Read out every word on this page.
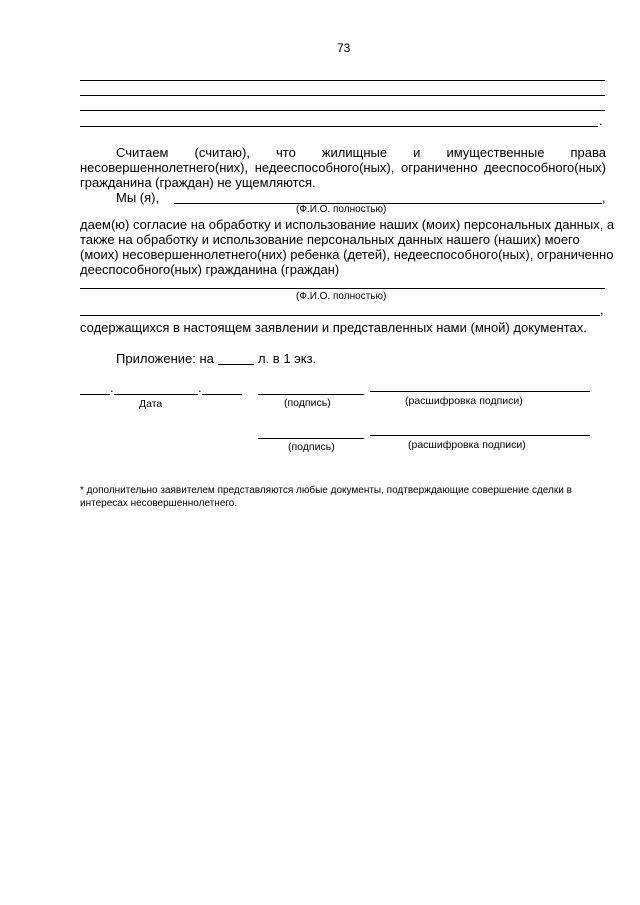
73
.
Считаем (считаю), что жилищные и имущественные права
несовершеннолетнего(них), недееспособного(ных), ограниченно дееспособного(ных)
гражданина (граждан) не ущемляются.
Мы (я),	,
(Ф.И.О. полностью)
даем(ю) согласие на обработку и использование наших (моих) персональных данных, а
также на обработку и использование персональных данных нашего (наших) моего
(моих) несовершеннолетнего(них) ребенка (детей), недееспособного(ных), ограниченно
дееспособного(ных) гражданина (граждан)
(Ф.И.О. полностью)
,
содержащихся в настоящем заявлении и представленных нами (мной) документах.
Приложение: на	л. в 1 экз.
.	.
Дата	(подпись)	(расшифровка подписи)
(подпись)	(расшифровка подписи)
* дополнительно заявителем представляются любые документы, подтверждающие совершение сделки в
интересах несовершеннолетнего.
